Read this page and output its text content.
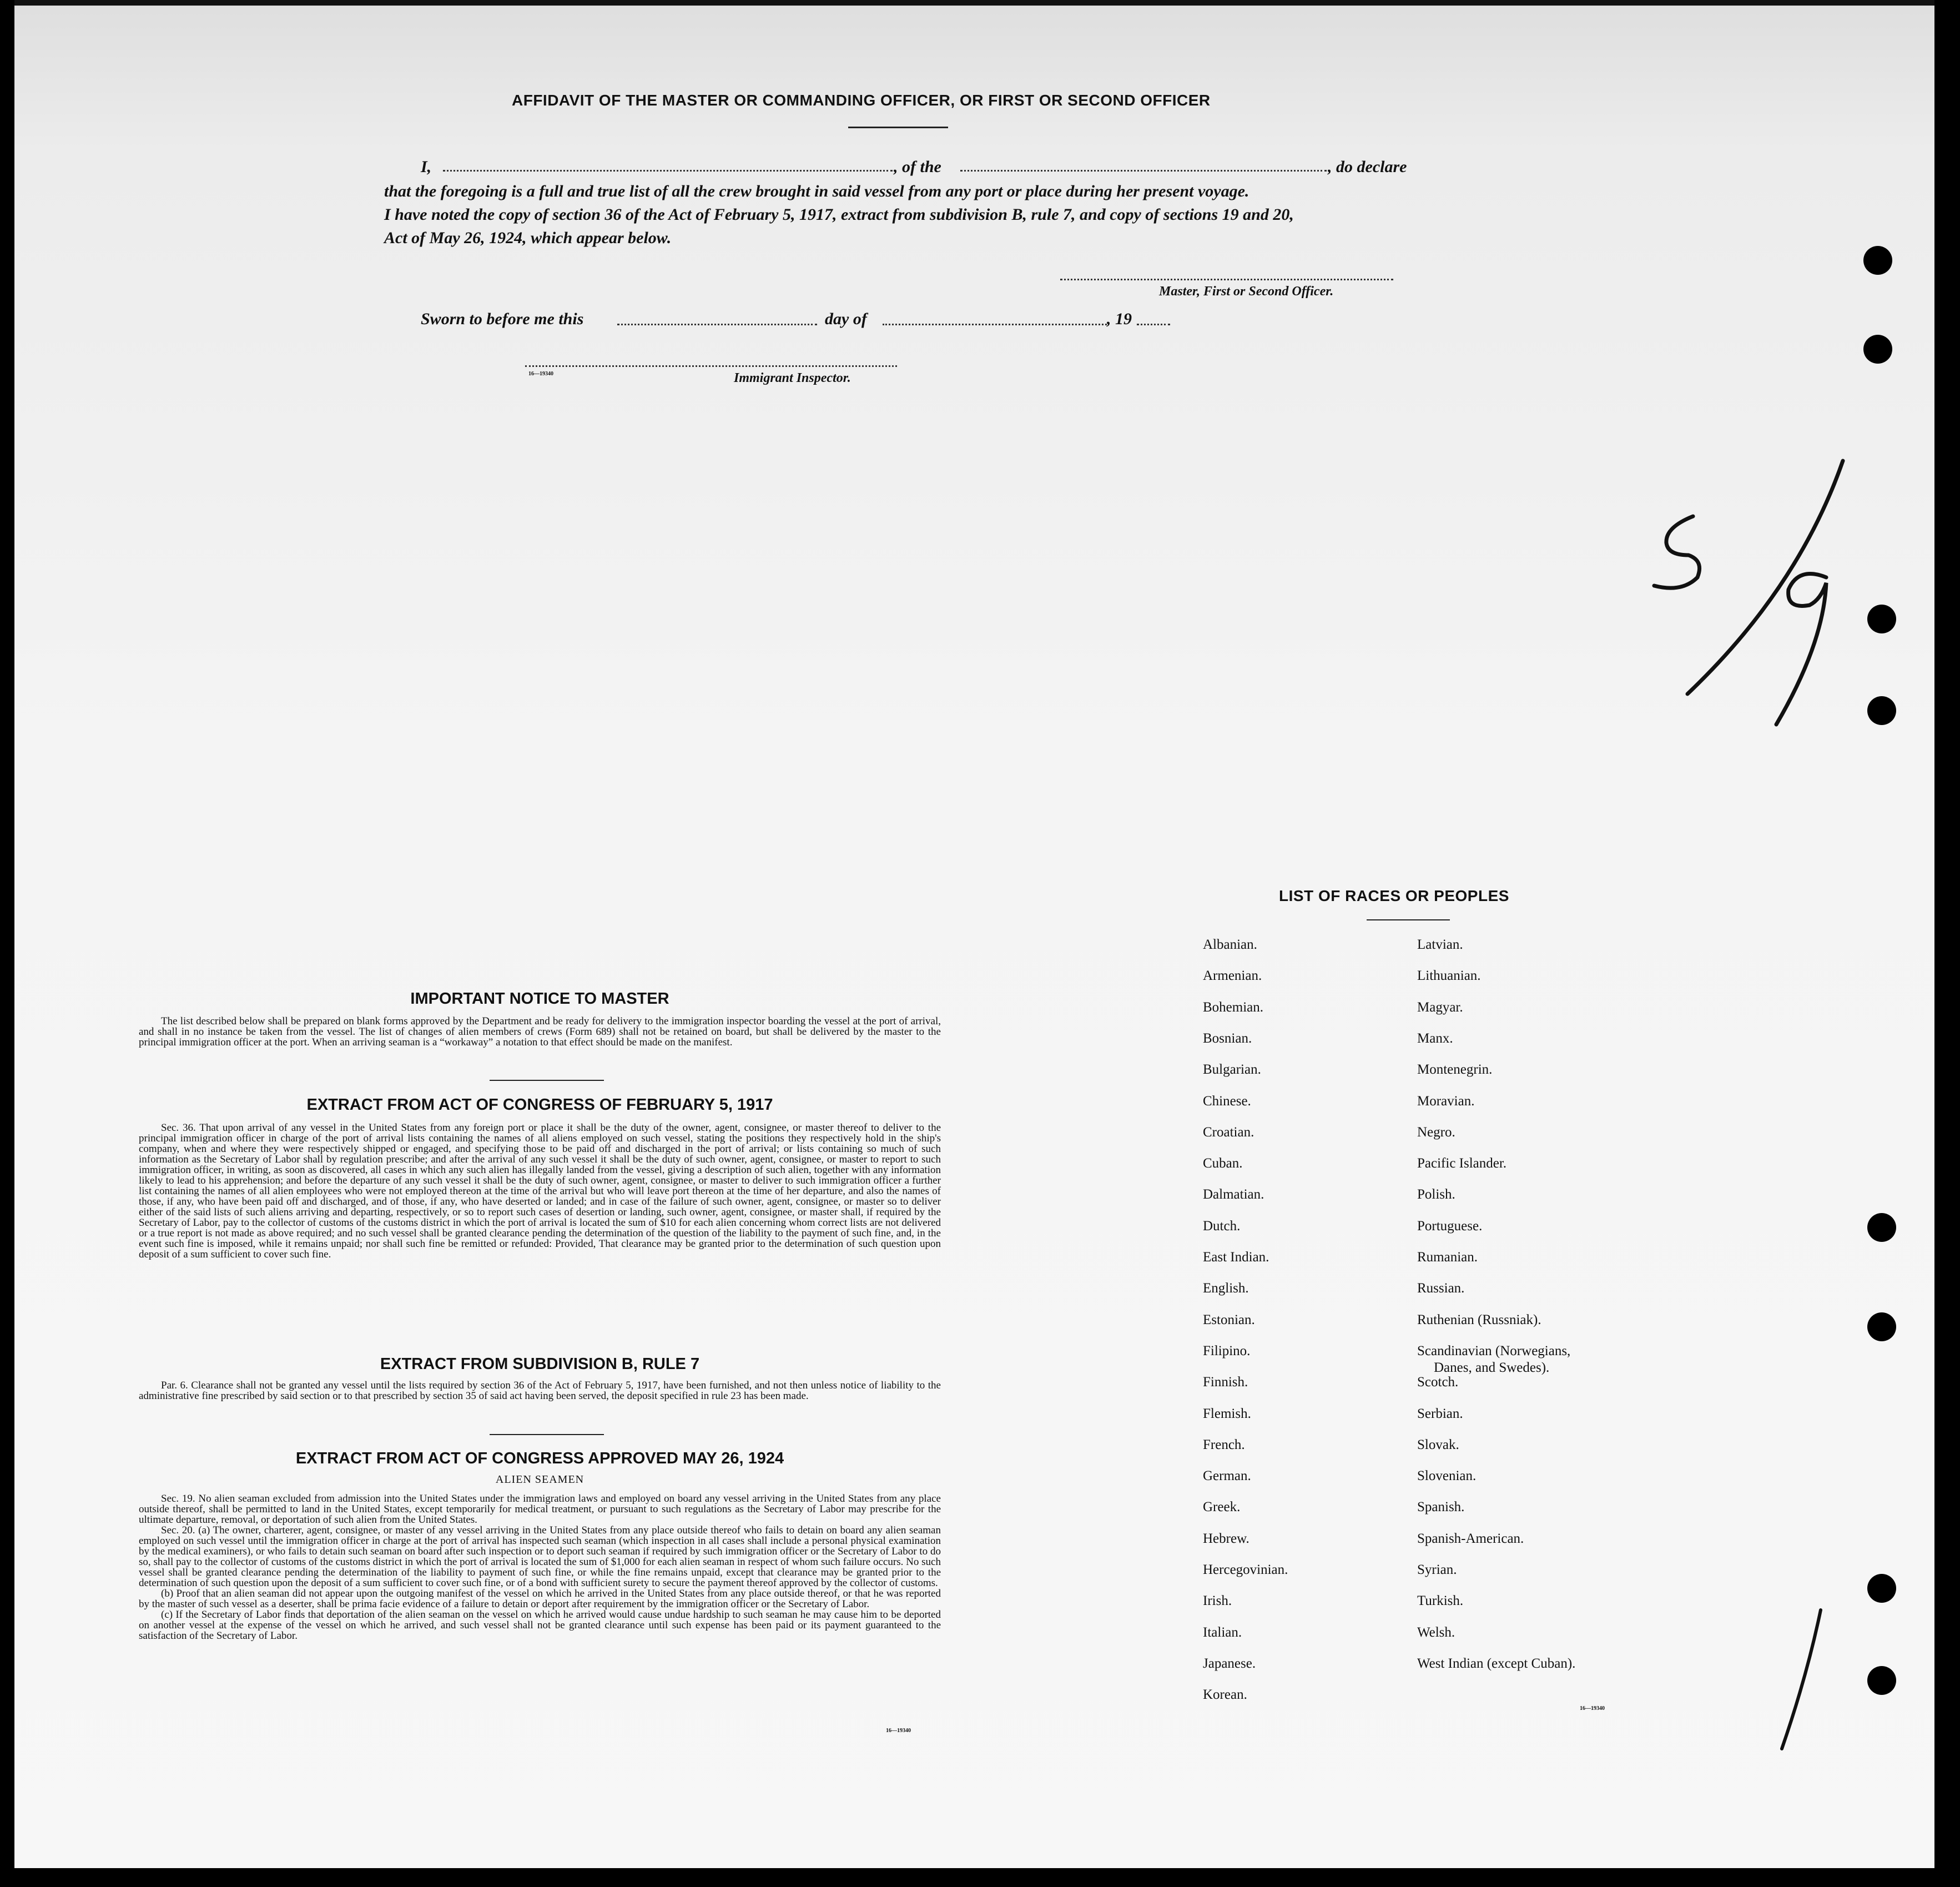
AFFIDAVIT OF THE MASTER OR COMMANDING OFFICER, OR FIRST OR SECOND OFFICER
I,	, of the	, do declare
that the foregoing is a full and true list of all the crew brought in said vessel from any port or place during her present voyage.
I have noted the copy of section 36 of the Act of February 5, 1917, extract from subdivision B, rule 7, and copy of sections 19 and 20,
Act of May 26, 1924, which appear below.
Master, First or Second Officer.
Sworn to before me this	day of	, 19
16—19340	Immigrant Inspector.
IMPORTANT NOTICE TO MASTER

The list described below shall be prepared on blank forms approved by the Department and be ready for delivery to the immigration inspector boarding the vessel at the port of arrival, and shall in no instance be taken from the vessel. The list of changes of alien members of crews (Form 689) shall not be retained on board, but shall be delivered by the master to the principal immigration officer at the port. When an arriving seaman is a “workaway” a notation to that effect should be made on the manifest.

EXTRACT FROM ACT OF CONGRESS OF FEBRUARY 5, 1917

Sec. 36. That upon arrival of any vessel in the United States from any foreign port or place it shall be the duty of the owner, agent, consignee, or master thereof to deliver to the principal immigration officer in charge of the port of arrival lists containing the names of all aliens employed on such vessel, stating the positions they respectively hold in the ship's company, when and where they were respectively shipped or engaged, and specifying those to be paid off and discharged in the port of arrival; or lists containing so much of such information as the Secretary of Labor shall by regulation prescribe; and after the arrival of any such vessel it shall be the duty of such owner, agent, consignee, or master to report to such immigration officer, in writing, as soon as discovered, all cases in which any such alien has illegally landed from the vessel, giving a description of such alien, together with any information likely to lead to his apprehension; and before the departure of any such vessel it shall be the duty of such owner, agent, consignee, or master to deliver to such immigration officer a further list containing the names of all alien employees who were not employed thereon at the time of the arrival but who will leave port thereon at the time of her departure, and also the names of those, if any, who have been paid off and discharged, and of those, if any, who have deserted or landed; and in case of the failure of such owner, agent, consignee, or master so to deliver either of the said lists of such aliens arriving and departing, respectively, or so to report such cases of desertion or landing, such owner, agent, consignee, or master shall, if required by the Secretary of Labor, pay to the collector of customs of the customs district in which the port of arrival is located the sum of $10 for each alien concerning whom correct lists are not delivered or a true report is not made as above required; and no such vessel shall be granted clearance pending the determination of the question of the liability to the payment of such fine, and, in the event such fine is imposed, while it remains unpaid; nor shall such fine be remitted or refunded: Provided, That clearance may be granted prior to the determination of such question upon deposit of a sum sufficient to cover such fine.

EXTRACT FROM SUBDIVISION B, RULE 7

Par. 6. Clearance shall not be granted any vessel until the lists required by section 36 of the Act of February 5, 1917, have been furnished, and not then unless notice of liability to the administrative fine prescribed by said section or to that prescribed by section 35 of said act having been served, the deposit specified in rule 23 has been made.

EXTRACT FROM ACT OF CONGRESS APPROVED MAY 26, 1924
ALIEN SEAMEN

Sec. 19. No alien seaman excluded from admission into the United States under the immigration laws and employed on board any vessel arriving in the United States from any place outside thereof, shall be permitted to land in the United States, except temporarily for medical treatment, or pursuant to such regulations as the Secretary of Labor may prescribe for the ultimate departure, removal, or deportation of such alien from the United States.

Sec. 20. (a) The owner, charterer, agent, consignee, or master of any vessel arriving in the United States from any place outside thereof who fails to detain on board any alien seaman employed on such vessel until the immigration officer in charge at the port of arrival has inspected such seaman (which inspection in all cases shall include a personal physical examination by the medical examiners), or who fails to detain such seaman on board after such inspection or to deport such seaman if required by such immigration officer or the Secretary of Labor to do so, shall pay to the collector of customs of the customs district in which the port of arrival is located the sum of $1,000 for each alien seaman in respect of whom such failure occurs. No such vessel shall be granted clearance pending the determination of the liability to payment of such fine, or while the fine remains unpaid, except that clearance may be granted prior to the determination of such question upon the deposit of a sum sufficient to cover such fine, or of a bond with sufficient surety to secure the payment thereof approved by the collector of customs.

(b) Proof that an alien seaman did not appear upon the outgoing manifest of the vessel on which he arrived in the United States from any place outside thereof, or that he was reported by the master of such vessel as a deserter, shall be prima facie evidence of a failure to detain or deport after requirement by the immigration officer or the Secretary of Labor.

(c) If the Secretary of Labor finds that deportation of the alien seaman on the vessel on which he arrived would cause undue hardship to such seaman he may cause him to be deported on another vessel at the expense of the vessel on which he arrived, and such vessel shall not be granted clearance until such expense has been paid or its payment guaranteed to the satisfaction of the Secretary of Labor.

16—19340
LIST OF RACES OR PEOPLES
Albanian.
Armenian.
Bohemian.
Bosnian.
Bulgarian.
Chinese.
Croatian.
Cuban.
Dalmatian.
Dutch.
East Indian.
English.
Estonian.
Filipino.
Finnish.
Flemish.
French.
German.
Greek.
Hebrew.
Hercegovinian.
Irish.
Italian.
Japanese.
Korean.
Latvian.
Lithuanian.
Magyar.
Manx.
Montenegrin.
Moravian.
Negro.
Pacific Islander.
Polish.
Portuguese.
Rumanian.
Russian.
Ruthenian (Russniak).
Scandinavian (Norwegians,
Danes, and Swedes).
Scotch.
Serbian.
Slovak.
Slovenian.
Spanish.
Spanish-American.
Syrian.
Turkish.
Welsh.
West Indian (except Cuban).
16—19340
